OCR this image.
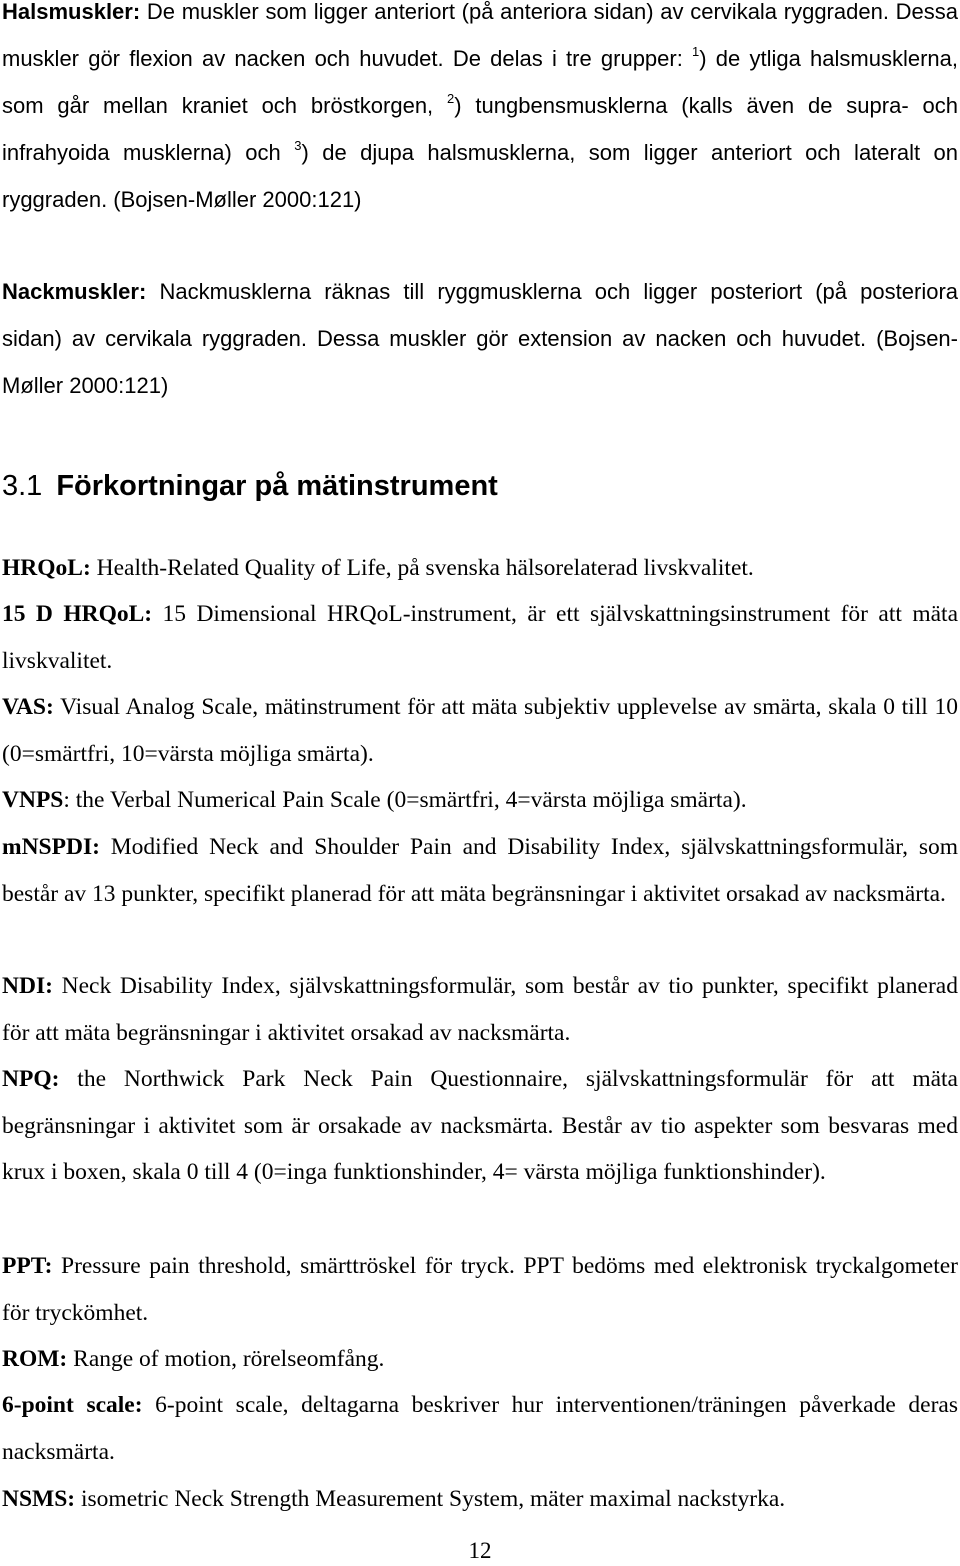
Halsmuskler: De muskler som ligger anteriort (på anteriora sidan) av cervikala ryggraden. Dessa muskler gör flexion av nacken och huvudet. De delas i tre grupper: $^1$) de ytliga halsmusklerna, som går mellan kraniet och bröstkorgen, $^2$) tungbensmusklerna (kalls även de supra- och infrahyoida musklerna) och $^3$) de djupa halsmusklerna, som ligger anteriort och lateralt on ryggraden. (Bojsen-Møller 2000:121)

Nackmuskler: Nackmusklerna räknas till ryggmusklerna och ligger posteriort (på posteriora sidan) av cervikala ryggraden. Dessa muskler gör extension av nacken och huvudet. (Bojsen-Møller 2000:121)

3.1 Förkortningar på mätinstrument

HRQoL: Health-Related Quality of Life, på svenska hälsorelaterad livskvalitet.

15 D HRQoL: 15 Dimensional HRQoL-instrument, är ett självskattningsinstrument för att mäta livskvalitet.

VAS: Visual Analog Scale, mätinstrument för att mäta subjektiv upplevelse av smärta, skala 0 till 10 (0=smärtfri, 10=värsta möjliga smärta).

VNPS: the Verbal Numerical Pain Scale (0=smärtfri, 4=värsta möjliga smärta).

mNSPDI: Modified Neck and Shoulder Pain and Disability Index, självskattningsformulär, som består av 13 punkter, specifikt planerad för att mäta begränsningar i aktivitet orsakad av nacksmärta.

NDI: Neck Disability Index, självskattningsformulär, som består av tio punkter, specifikt planerad för att mäta begränsningar i aktivitet orsakad av nacksmärta.

NPQ: the Northwick Park Neck Pain Questionnaire, självskattningsformulär för att mäta begränsningar i aktivitet som är orsakade av nacksmärta. Består av tio aspekter som besvaras med krux i boxen, skala 0 till 4 (0=inga funktionshinder, 4= värsta möjliga funktionshinder).

PPT: Pressure pain threshold, smärttröskel för tryck. PPT bedöms med elektronisk tryckalgometer för tryckömhet.

ROM: Range of motion, rörelseomfång.

6-point scale: 6-point scale, deltagarna beskriver hur interventionen/träningen påverkade deras nacksmärta.

NSMS: isometric Neck Strength Measurement System, mäter maximal nackstyrka.

12
